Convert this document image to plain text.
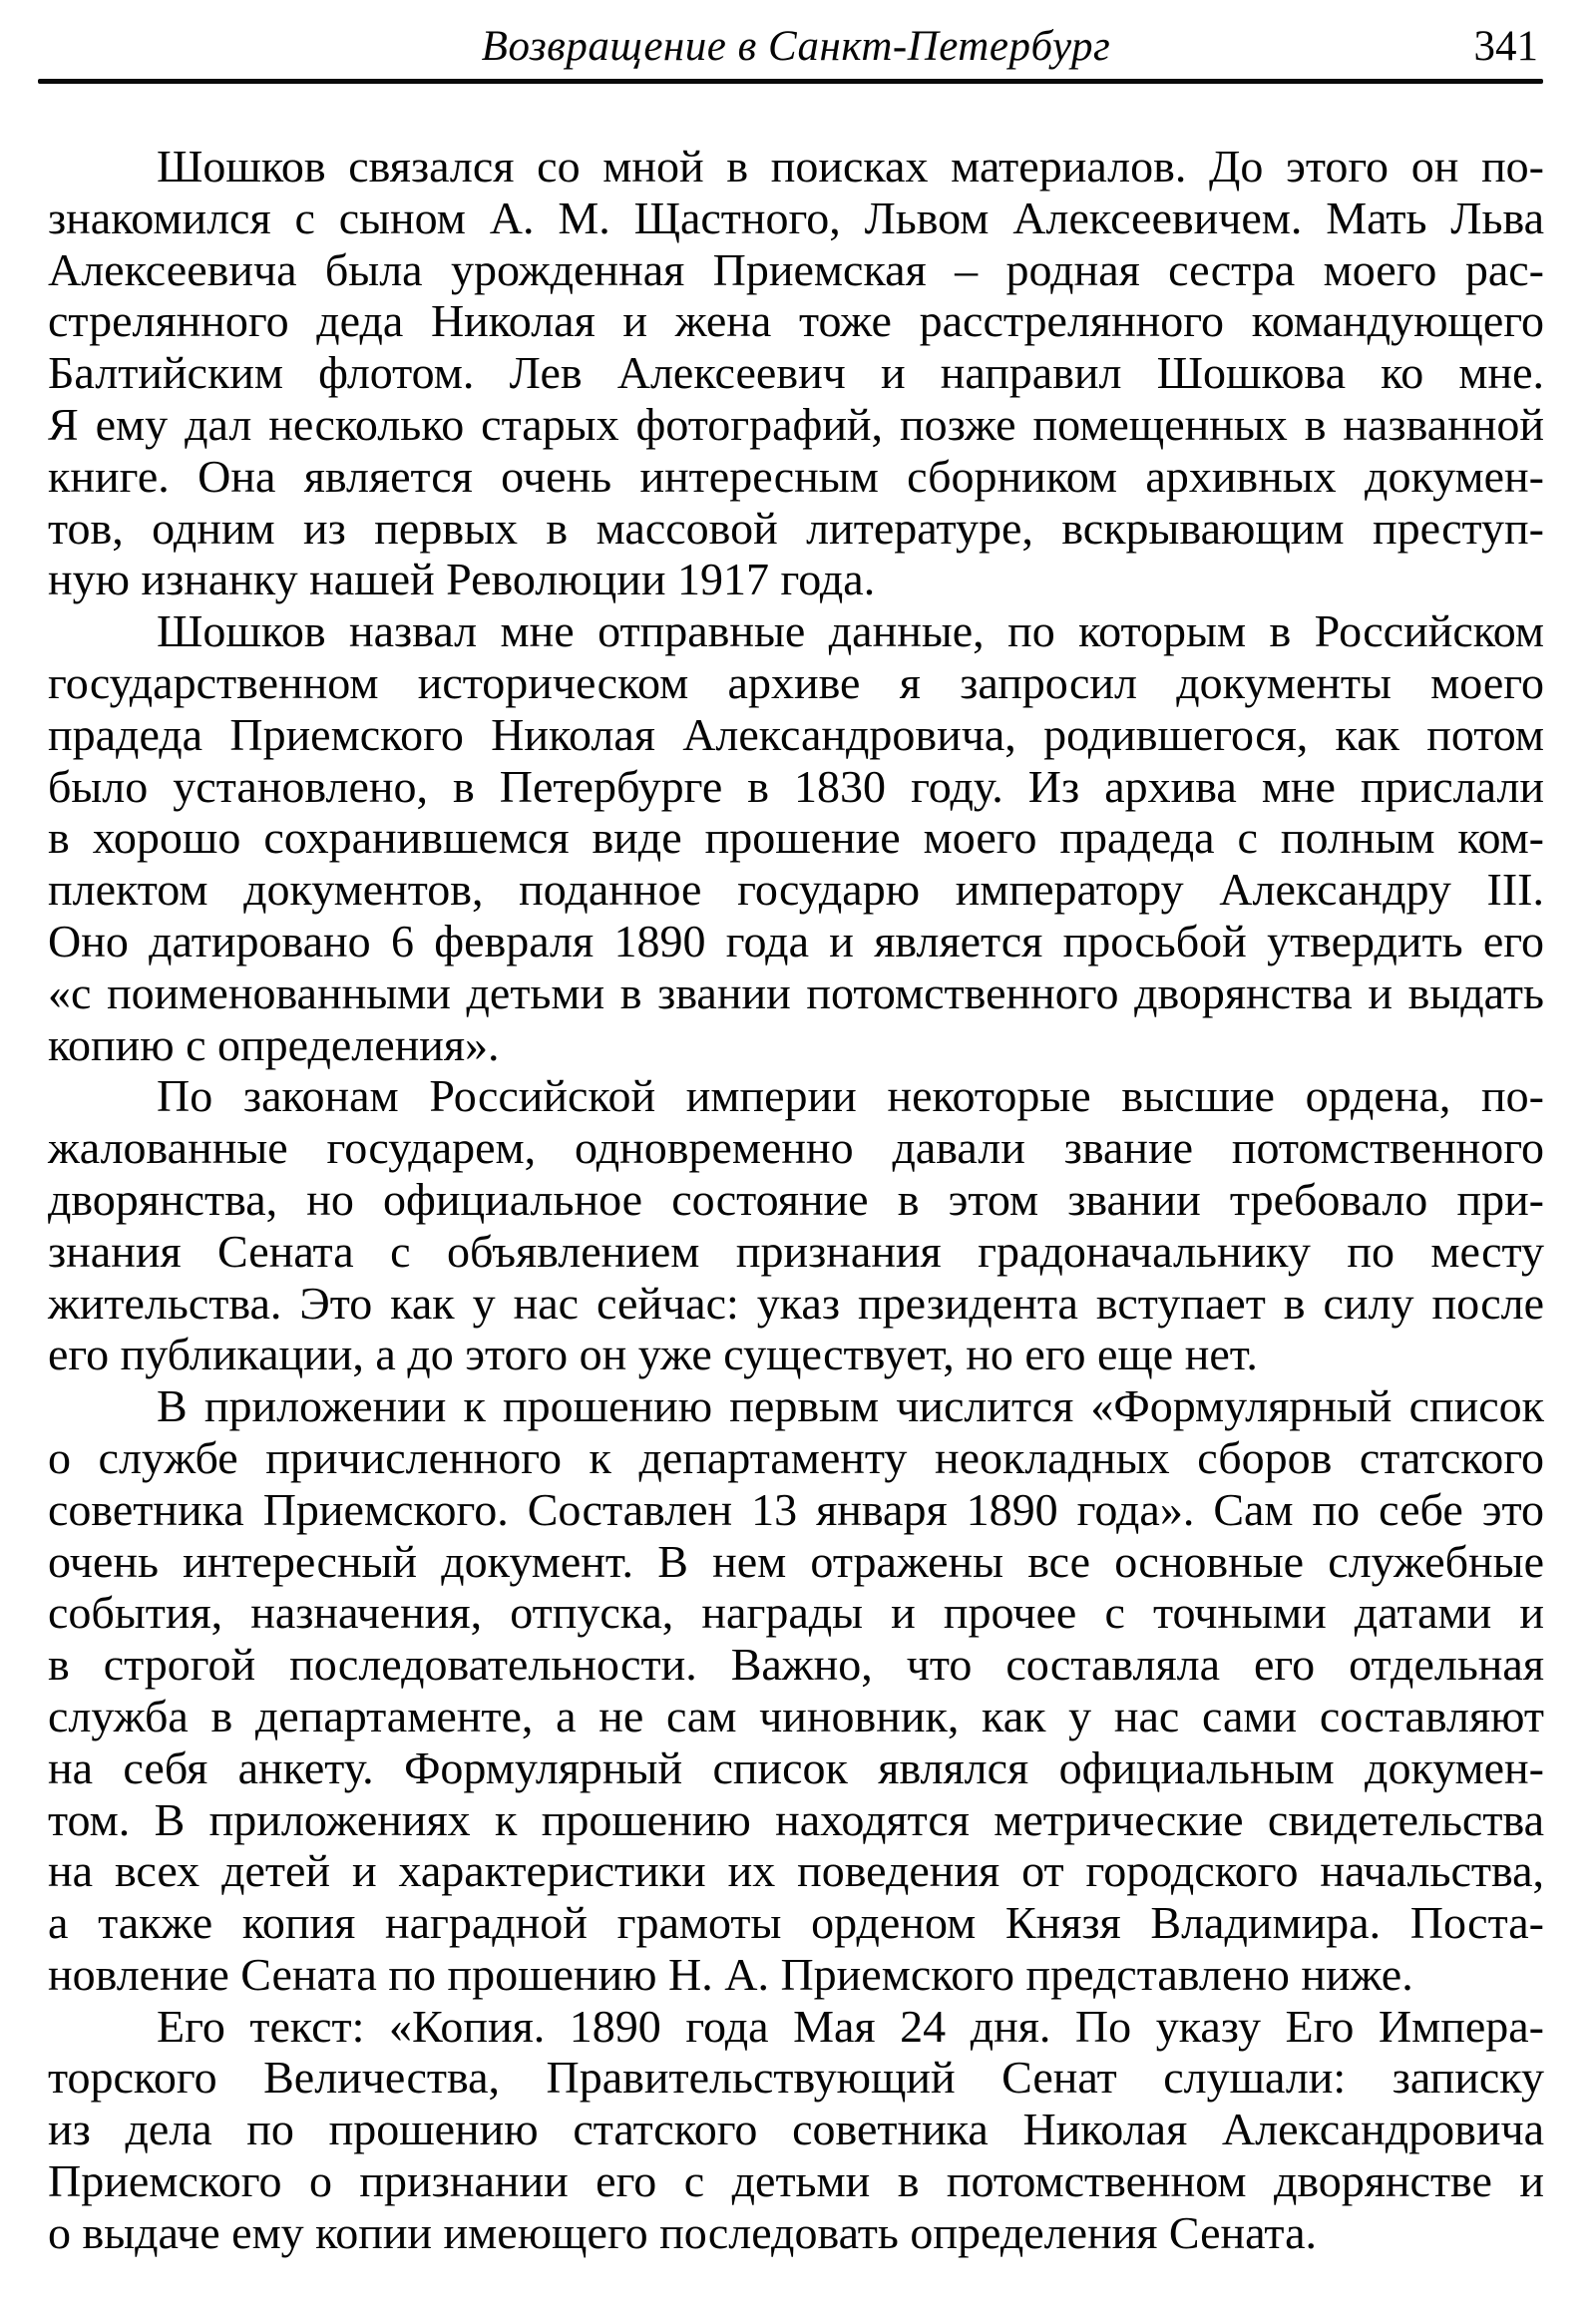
Возвращение в Санкт-Петербург	341

Шошков связался со мной в поисках материалов. До этого он по-
знакомился с сыном А. М. Щастного, Львом Алексеевичем. Мать Льва
Алексеевича была урожденная Приемская – родная сестра моего рас-
стрелянного деда Николая и жена тоже расстрелянного командующего
Балтийским флотом. Лев Алексеевич и направил Шошкова ко мне.
Я ему дал несколько старых фотографий, позже помещенных в названной
книге. Она является очень интересным сборником архивных докумен-
тов, одним из первых в массовой литературе, вскрывающим преступ-
ную изнанку нашей Революции 1917 года.

Шошков назвал мне отправные данные, по которым в Российском
государственном историческом архиве я запросил документы моего
прадеда Приемского Николая Александровича, родившегося, как потом
было установлено, в Петербурге в 1830 году. Из архива мне прислали
в хорошо сохранившемся виде прошение моего прадеда с полным ком-
плектом документов, поданное государю императору Александру III.
Оно датировано 6 февраля 1890 года и является просьбой утвердить его
«с поименованными детьми в звании потомственного дворянства и выдать
копию с определения».

По законам Российской империи некоторые высшие ордена, по-
жалованные государем, одновременно давали звание потомственного
дворянства, но официальное состояние в этом звании требовало при-
знания Сената с объявлением признания градоначальнику по месту
жительства. Это как у нас сейчас: указ президента вступает в силу после
его публикации, а до этого он уже существует, но его еще нет.

В приложении к прошению первым числится «Формулярный список
о службе причисленного к департаменту неокладных сборов статского
советника Приемского. Составлен 13 января 1890 года». Сам по себе это
очень интересный документ. В нем отражены все основные служебные
события, назначения, отпуска, награды и прочее с точными датами и
в строгой последовательности. Важно, что составляла его отдельная
служба в департаменте, а не сам чиновник, как у нас сами составляют
на себя анкету. Формулярный список являлся официальным докумен-
том. В приложениях к прошению находятся метрические свидетельства
на всех детей и характеристики их поведения от городского начальства,
а также копия наградной грамоты орденом Князя Владимира. Поста-
новление Сената по прошению Н. А. Приемского представлено ниже.

Его текст: «Копия. 1890 года Мая 24 дня. По указу Его Импера-
торского Величества, Правительствующий Сенат слушали: записку
из дела по прошению статского советника Николая Александровича
Приемского о признании его с детьми в потомственном дворянстве и
о выдаче ему копии имеющего последовать определения Сената.
